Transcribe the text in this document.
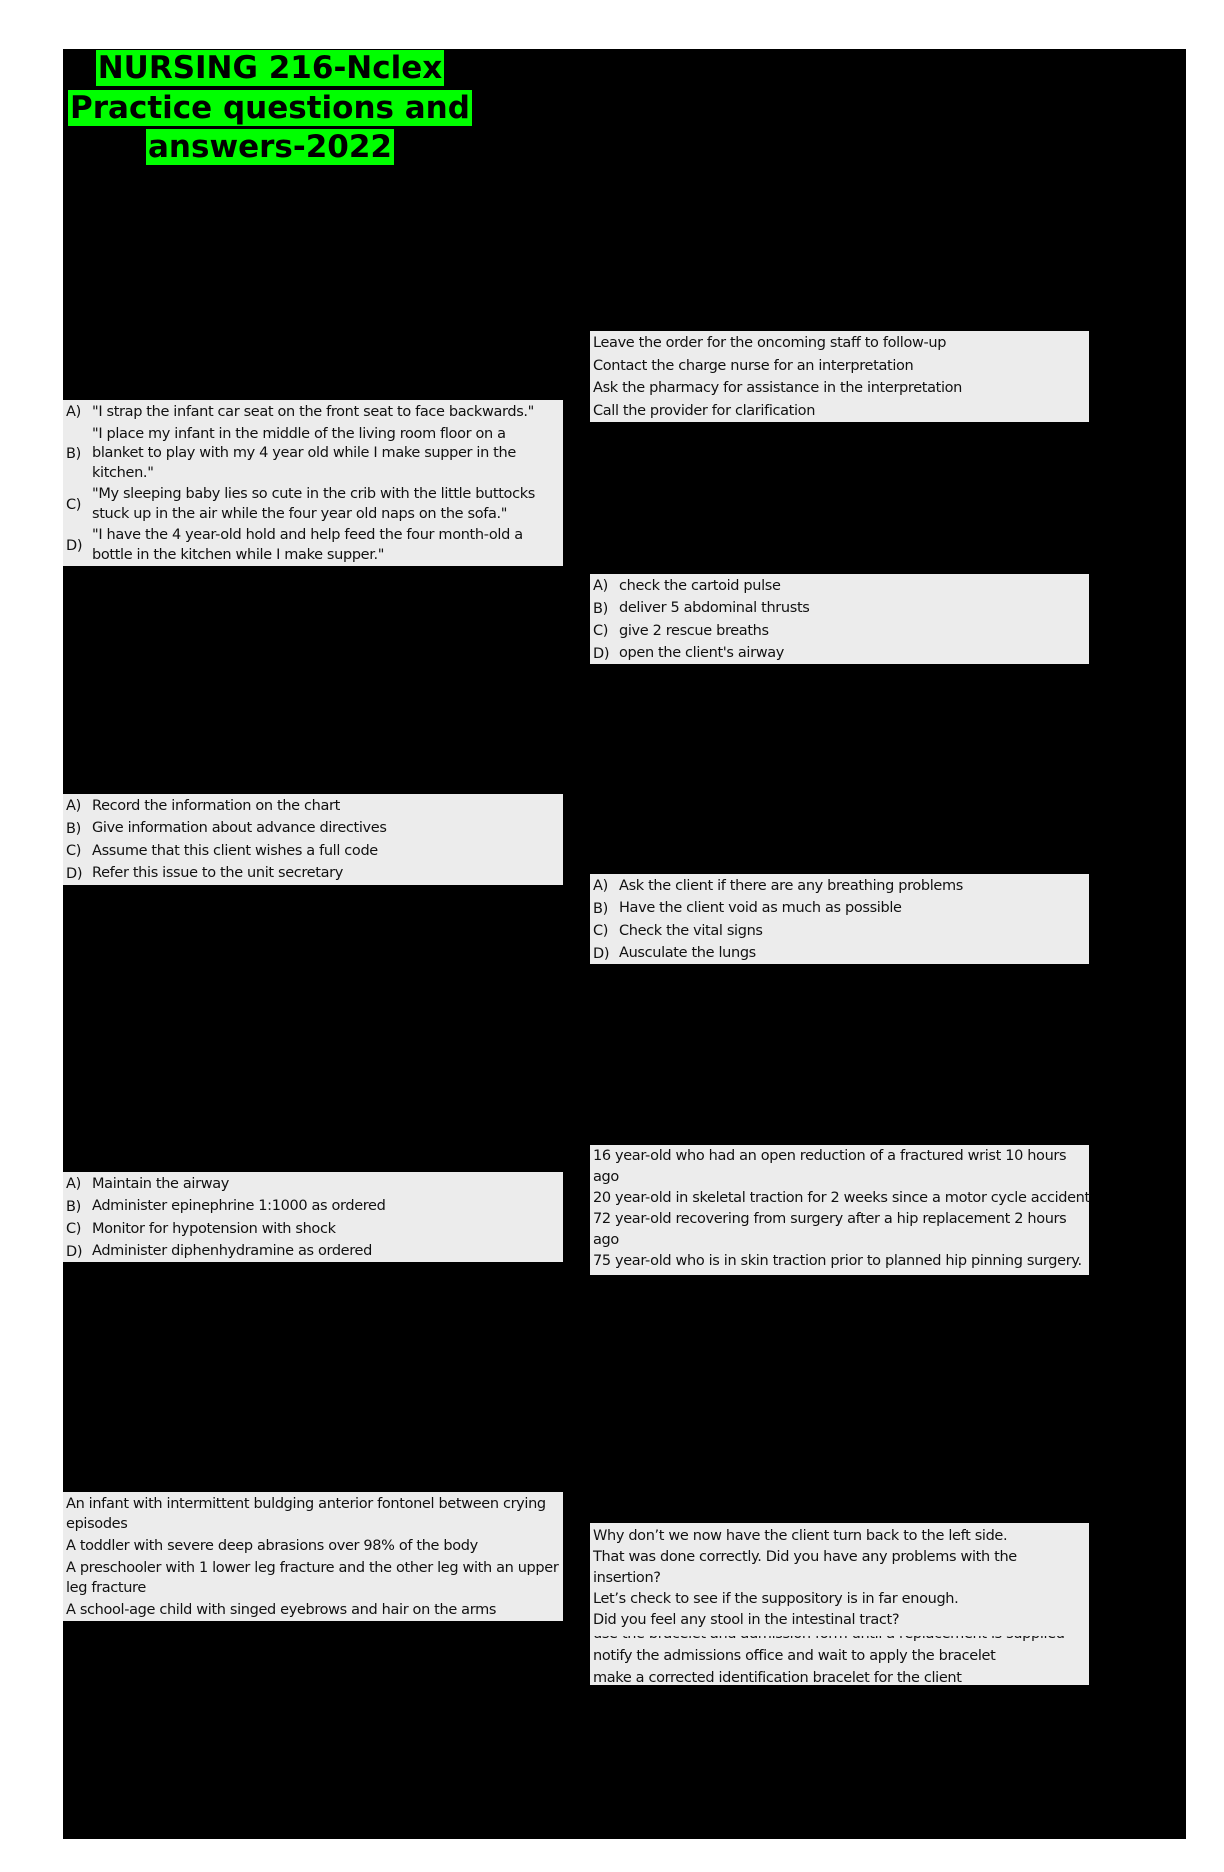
NURSING 216-Nclex
Practice questions and
answers-2022
Leave the order for the oncoming staff to follow-up
Contact the charge nurse for an interpretation
Ask the pharmacy for assistance in the interpretation
Call the provider for clarification
A) "I strap the infant car seat on the front seat to face backwards."
B)
"I place my infant in the middle of the living room floor on a blanket to play with my 4 year old while I make supper in the kitchen."
C)
"My sleeping baby lies so cute in the crib with the little buttocks stuck up in the air while the four year old naps on the sofa."
D)
"I have the 4 year-old hold and help feed the four month-old a bottle in the kitchen while I make supper."
A) check the cartoid pulse
B) deliver 5 abdominal thrusts
C) give 2 rescue breaths
D) open the client's airway
A) Record the information on the chart
B) Give information about advance directives
C) Assume that this client wishes a full code
D) Refer this issue to the unit secretary
A) Ask the client if there are any breathing problems
B) Have the client void as much as possible
C) Check the vital signs
D) Ausculate the lungs
16 year-old who had an open reduction of a fractured wrist 10 hours ago
20 year-old in skeletal traction for 2 weeks since a motor cycle accident
72 year-old recovering from surgery after a hip replacement 2 hours ago
75 year-old who is in skin traction prior to planned hip pinning surgery.
A) Maintain the airway
B) Administer epinephrine 1:1000 as ordered
C) Monitor for hypotension with shock
D) Administer diphenhydramine as ordered
An infant with intermittent buldging anterior fontonel between crying episodes
A toddler with severe deep abrasions over 98% of the body
A preschooler with 1 lower leg fracture and the other leg with an upper leg fracture
A school-age child with singed eyebrows and hair on the arms
notify the admissions office and wait to apply the bracelet
make a corrected identification bracelet for the client
Why don’t we now have the client turn back to the left side.
That was done correctly. Did you have any problems with the insertion?
Let’s check to see if the suppository is in far enough.
Did you feel any stool in the intestinal tract?
